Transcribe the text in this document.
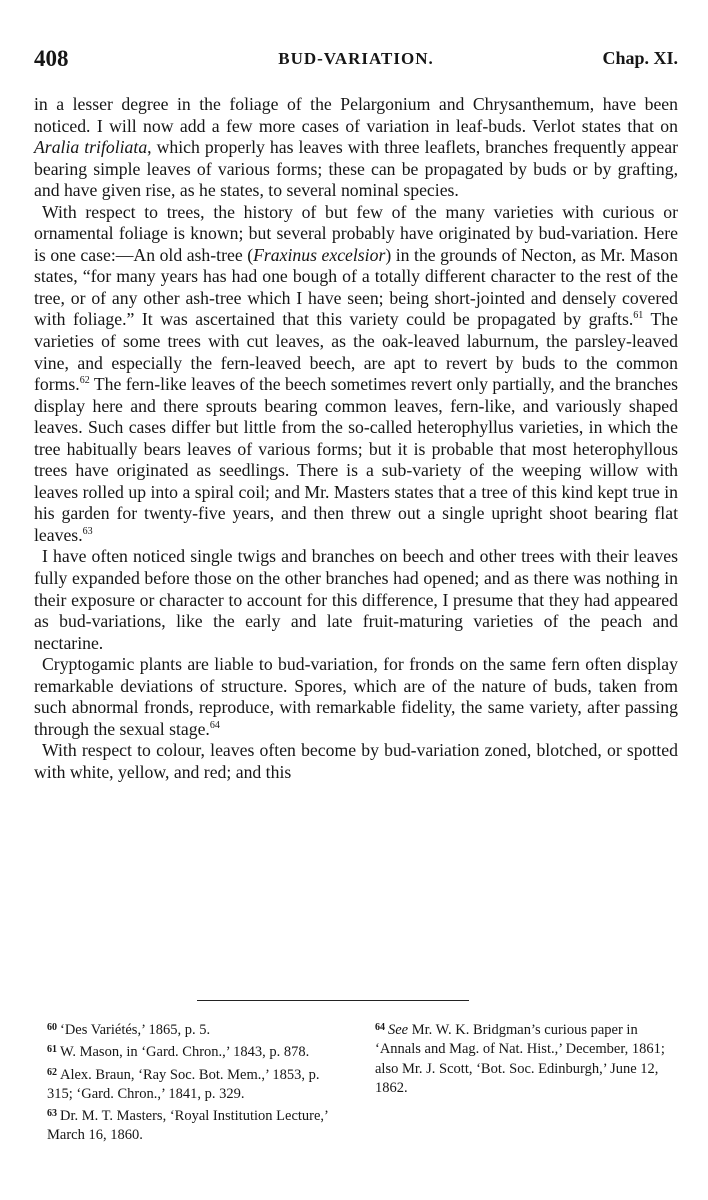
408	BUD-VARIATION.	Chap. XI.

in a lesser degree in the foliage of the Pelargonium and Chrysanthemum, have been noticed. I will now add a few more cases of variation in leaf-buds. Verlot states that on Aralia trifoliata, which properly has leaves with three leaflets, branches frequently appear bearing simple leaves of various forms; these can be propagated by buds or by grafting, and have given rise, as he states, to several nominal species.

With respect to trees, the history of but few of the many varieties with curious or ornamental foliage is known; but several probably have originated by bud-variation. Here is one case:—An old ash-tree (Fraxinus excelsior) in the grounds of Necton, as Mr. Mason states, “for many years has had one bough of a totally different character to the rest of the tree, or of any other ash-tree which I have seen; being short-jointed and densely covered with foliage.” It was ascertained that this variety could be propagated by grafts.$^{61}$ The varieties of some trees with cut leaves, as the oak-leaved laburnum, the parsley-leaved vine, and especially the fern-leaved beech, are apt to revert by buds to the common forms.$^{62}$ The fern-like leaves of the beech sometimes revert only partially, and the branches display here and there sprouts bearing common leaves, fern-like, and variously shaped leaves. Such cases differ but little from the so-called heterophyllus varieties, in which the tree habitually bears leaves of various forms; but it is probable that most heterophyllous trees have originated as seedlings. There is a sub-variety of the weeping willow with leaves rolled up into a spiral coil; and Mr. Masters states that a tree of this kind kept true in his garden for twenty-five years, and then threw out a single upright shoot bearing flat leaves.$^{63}$

I have often noticed single twigs and branches on beech and other trees with their leaves fully expanded before those on the other branches had opened; and as there was nothing in their exposure or character to account for this difference, I presume that they had appeared as bud-variations, like the early and late fruit-maturing varieties of the peach and nectarine.

Cryptogamic plants are liable to bud-variation, for fronds on the same fern often display remarkable deviations of structure. Spores, which are of the nature of buds, taken from such abnormal fronds, reproduce, with remarkable fidelity, the same variety, after passing through the sexual stage.$^{64}$

With respect to colour, leaves often become by bud-variation zoned, blotched, or spotted with white, yellow, and red; and this

$^{60}$ ‘Des Variétés,’ 1865, p. 5.

$^{61}$ W. Mason, in ‘Gard. Chron.,’ 1843, p. 878.

$^{62}$ Alex. Braun, ‘Ray Soc. Bot. Mem.,’ 1853, p. 315; ‘Gard. Chron.,’ 1841, p. 329.

$^{63}$ Dr. M. T. Masters, ‘Royal Institution Lecture,’ March 16, 1860.

$^{64}$ See Mr. W. K. Bridgman’s curious paper in ‘Annals and Mag. of Nat. Hist.,’ December, 1861; also Mr. J. Scott, ‘Bot. Soc. Edinburgh,’ June 12, 1862.
